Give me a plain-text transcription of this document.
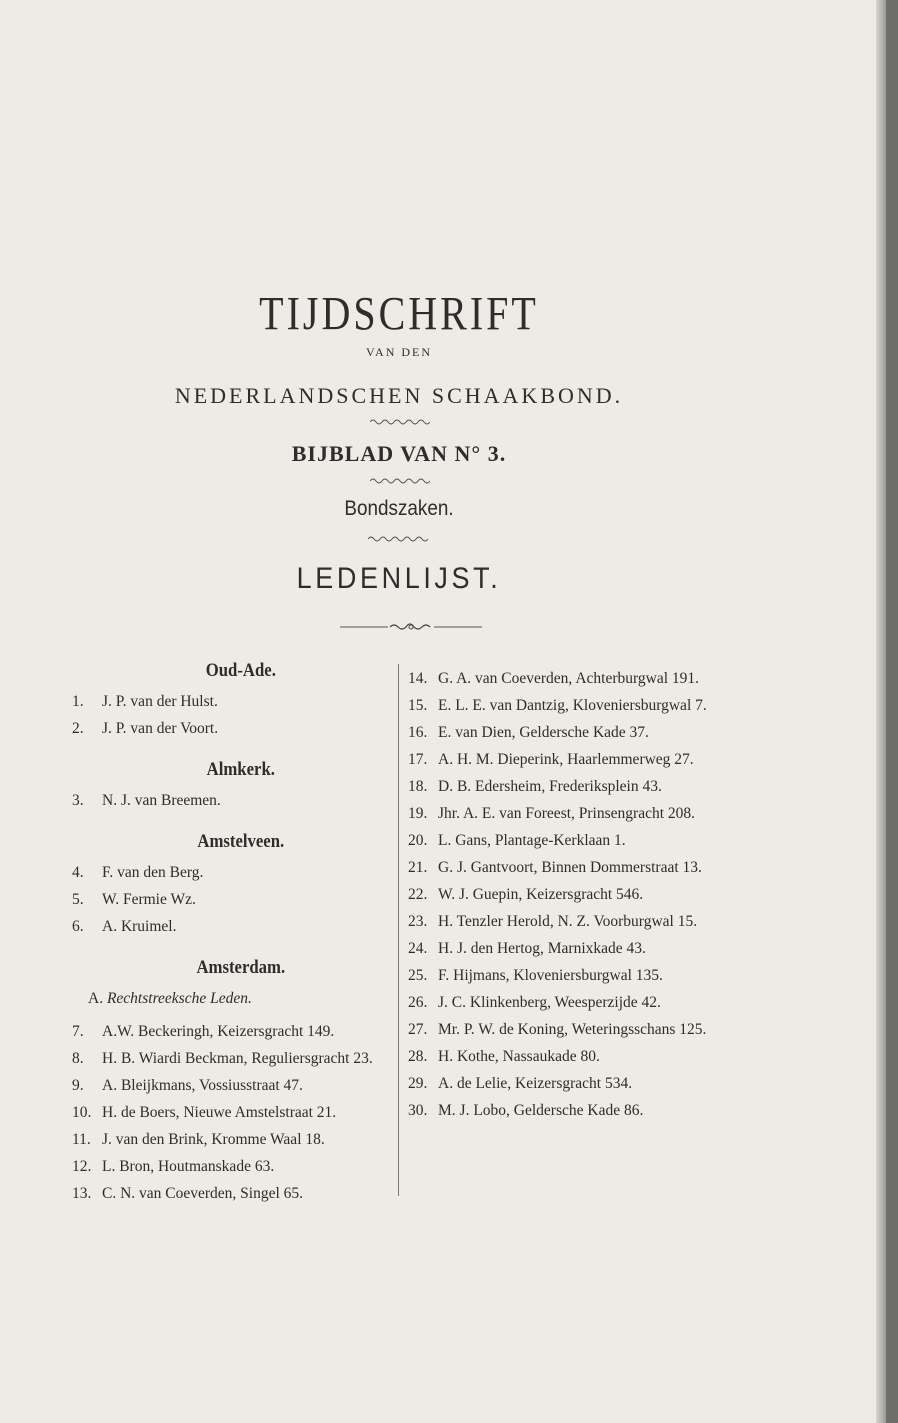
TIJDSCHRIFT
VAN DEN
NEDERLANDSCHEN SCHAAKBOND.
BIJBLAD VAN N° 3.
Bondszaken.
LEDENLIJST.
Oud-Ade.
1.	J. P. van der Hulst.
2.	J. P. van der Voort.
Almkerk.
3.	N. J. van Breemen.
Amstelveen.
4.	F. van den Berg.
5.	W. Fermie Wz.
6.	A. Kruimel.
Amsterdam.
A. Rechtstreeksche Leden.
7.	A.W. Beckeringh, Keizersgracht 149.
8.	H. B. Wiardi Beckman, Reguliersgracht 23.
9.	A. Bleijkmans, Vossiusstraat 47.
10. H. de Boers, Nieuwe Amstelstraat 21.
11. J. van den Brink, Kromme Waal 18.
12. L. Bron, Houtmanskade 63.
13. C. N. van Coeverden, Singel 65.
14. G. A. van Coeverden, Achterburgwal 191.
15. E. L. E. van Dantzig, Kloveniersburgwal 7.
16. E. van Dien, Geldersche Kade 37.
17. A. H. M. Dieperink, Haarlemmerweg 27.
18. D. B. Edersheim, Frederiksplein 43.
19. Jhr. A. E. van Foreest, Prinsengracht 208.
20. L. Gans, Plantage-Kerklaan 1.
21. G. J. Gantvoort, Binnen Dommerstraat 13.
22. W. J. Guepin, Keizersgracht 546.
23. H. Tenzler Herold, N. Z. Voorburgwal 15.
24. H. J. den Hertog, Marnixkade 43.
25. F. Hijmans, Kloveniersburgwal 135.
26. J. C. Klinkenberg, Weesperzijde 42.
27. Mr. P. W. de Koning, Weteringsschans 125.
28. H. Kothe, Nassaukade 80.
29. A. de Lelie, Keizersgracht 534.
30. M. J. Lobo, Geldersche Kade 86.
